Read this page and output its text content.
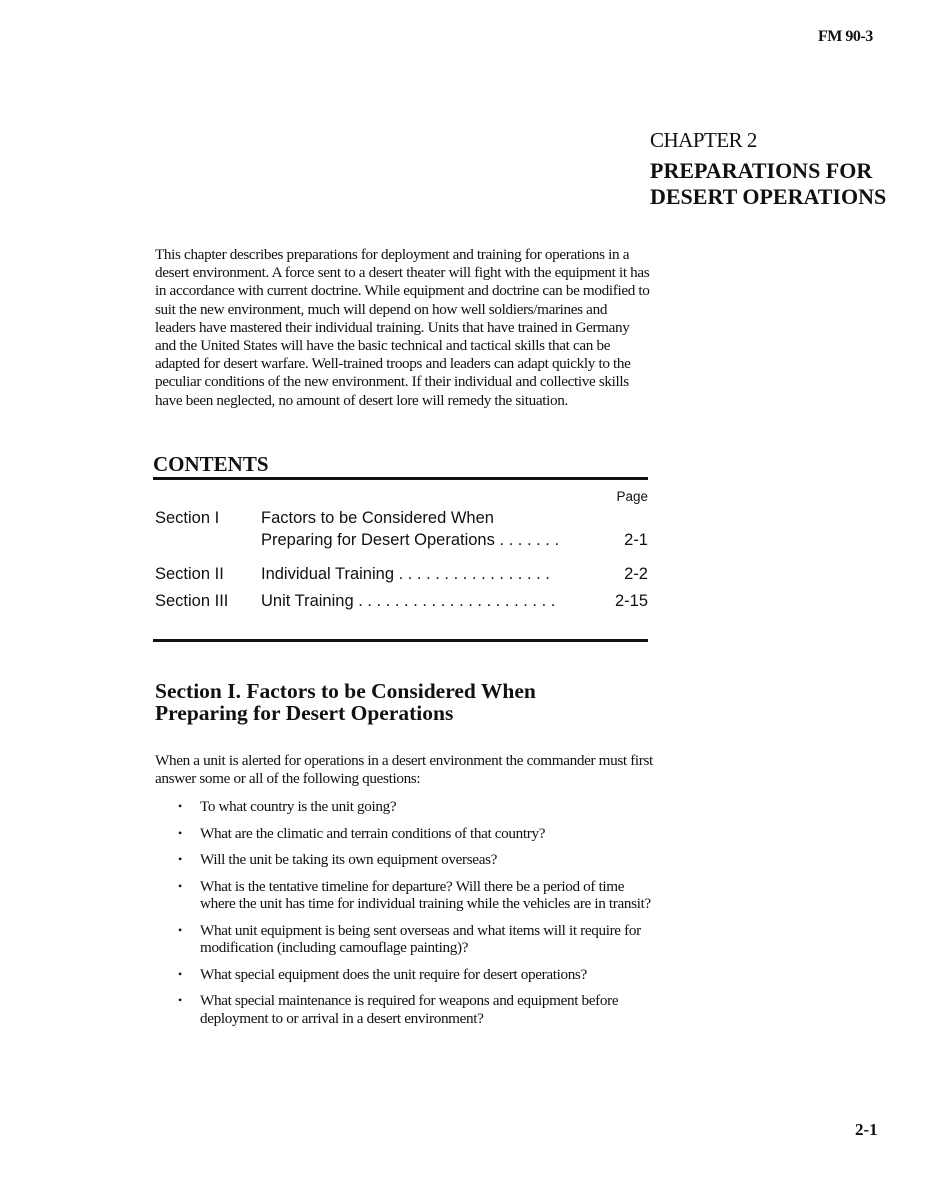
FM 90-3
CHAPTER 2
PREPARATIONS FOR DESERT OPERATIONS
This chapter describes preparations for deployment and training for operations in a desert environment. A force sent to a desert theater will fight with the equipment it has in accordance with current doctrine. While equipment and doctrine can be modified to suit the new environment, much will depend on how well soldiers/marines and leaders have mastered their individual training. Units that have trained in Germany and the United States will have the basic technical and tactical skills that can be adapted for desert warfare. Well-trained troops and leaders can adapt quickly to the peculiar conditions of the new environment. If their individual and collective skills have been neglected, no amount of desert lore will remedy the situation.
CONTENTS
Page
Section I	Factors to be Considered When
Preparing for Desert Operations . . . . . . .	2-1
Section II Individual Training . . . . . . . . . . . . . . . . .	2-2
Section III Unit Training . . . . . . . . . . . . . . . . . . . . . .	2-15
Section I. Factors to be Considered When
Preparing for Desert Operations
When a unit is alerted for operations in a desert environment the commander must first answer some or all of the following questions:
• To what country is the unit going?
• What are the climatic and terrain conditions of that country?
• Will the unit be taking its own equipment overseas?
• What is the tentative timeline for departure? Will there be a period of time where the unit has time for individual training while the vehicles are in transit?
• What unit equipment is being sent overseas and what items will it require for modification (including camouflage painting)?
• What special equipment does the unit require for desert operations?
• What special maintenance is required for weapons and equipment before deployment to or arrival in a desert environment?
2-1
